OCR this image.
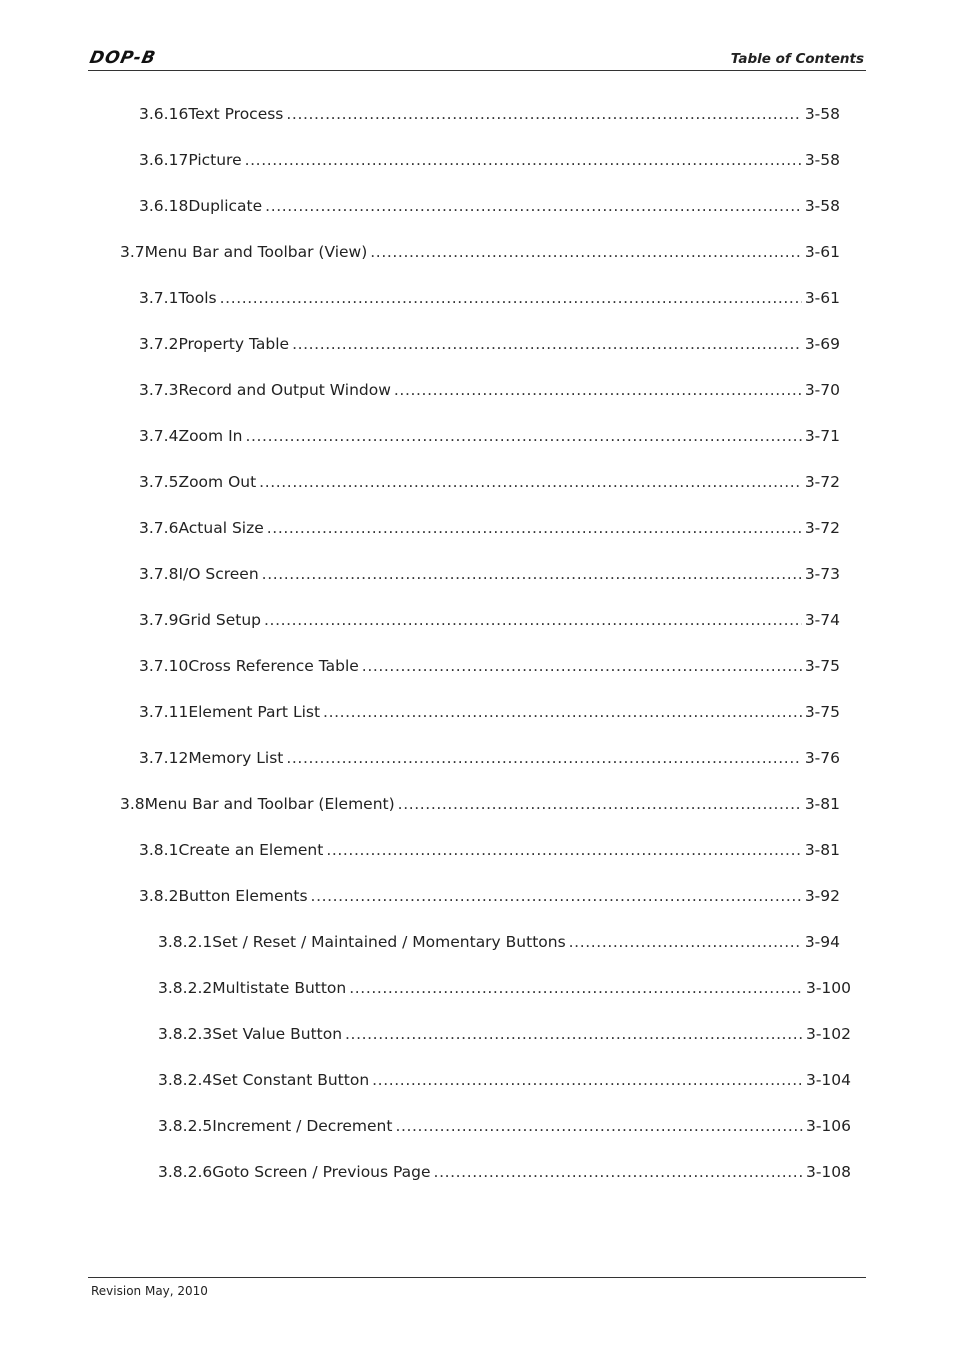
DOP-B	Table of Contents
3.6.16 Text Process .....	3-58
3.6.17 Picture .....	3-58
3.6.18 Duplicate .....	3-58
3.7 Menu Bar and Toolbar (View) .....	3-61
3.7.1 Tools .....	3-61
3.7.2 Property Table .....	3-69
3.7.3 Record and Output Window .....	3-70
3.7.4 Zoom In .....	3-71
3.7.5 Zoom Out .....	3-72
3.7.6 Actual Size .....	3-72
3.7.8 I/O Screen .....	3-73
3.7.9 Grid Setup .....	3-74
3.7.10 Cross Reference Table .....	3-75
3.7.11 Element Part List .....	3-75
3.7.12 Memory List .....	3-76
3.8 Menu Bar and Toolbar (Element) .....	3-81
3.8.1 Create an Element .....	3-81
3.8.2 Button Elements .....	3-92
3.8.2.1 Set / Reset / Maintained / Momentary Buttons .....	3-94
3.8.2.2 Multistate Button .....	3-100
3.8.2.3 Set Value Button .....	3-102
3.8.2.4 Set Constant Button .....	3-104
3.8.2.5 Increment / Decrement .....	3-106
3.8.2.6 Goto Screen / Previous Page .....	3-108
Revision May, 2010
